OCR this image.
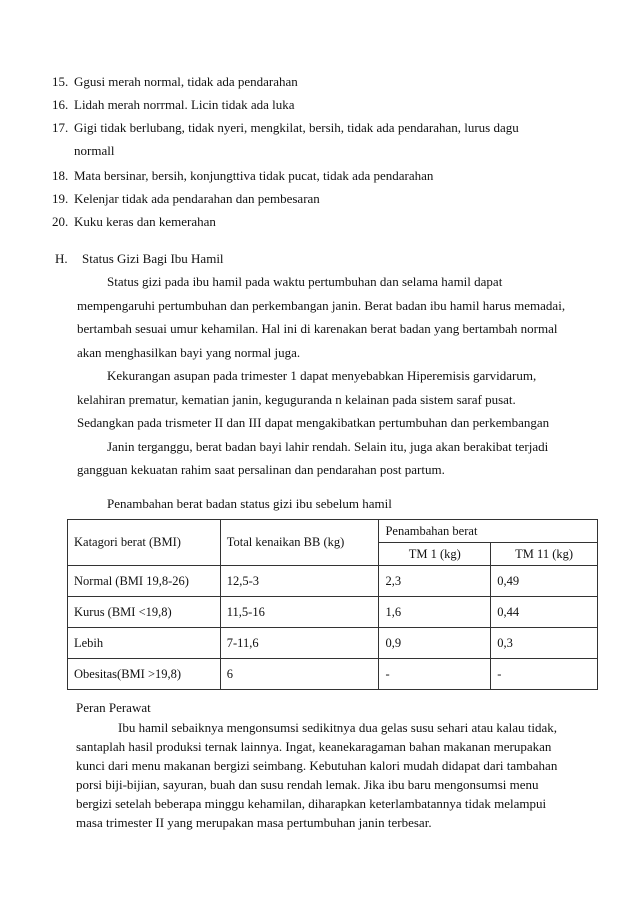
15. Ggusi merah normal, tidak ada pendarahan
16. Lidah merah norrmal. Licin tidak ada luka
17. Gigi tidak berlubang, tidak nyeri, mengkilat, bersih, tidak ada pendarahan, lurus dagu
normall
18. Mata bersinar, bersih, konjungttiva tidak pucat, tidak ada pendarahan
19. Kelenjar tidak ada pendarahan dan pembesaran
20. Kuku keras dan kemerahan
H.	Status Gizi Bagi Ibu Hamil

Status gizi pada ibu hamil pada waktu pertumbuhan dan selama hamil dapat
mempengaruhi pertumbuhan dan perkembangan janin. Berat badan ibu hamil harus memadai,
bertambah sesuai umur kehamilan. Hal ini di karenakan berat badan yang bertambah normal
akan menghasilkan bayi yang normal juga.

Kekurangan asupan pada trimester 1 dapat menyebabkan Hiperemisis garvidarum,
kelahiran prematur, kematian janin, keguguranda n kelainan pada sistem saraf pusat.
Sedangkan pada trismeter II dan III dapat mengakibatkan pertumbuhan dan perkembangan
Janin terganggu, berat badan bayi lahir rendah. Selain itu, juga akan berakibat terjadi
gangguan kekuatan rahim saat persalinan dan pendarahan post partum.

Penambahan berat badan status gizi ibu sebelum hamil
Katagori berat (BMI)	Total kenaikan BB (kg)	Penambahan berat	
		TM 1 (kg)	TM 11 (kg)
Normal (BMI 19,8-26)	12,5-3	2,3	0,49
Kurus (BMI <19,8)	11,5-16	1,6	0,44
Lebih	7-11,6	0,9	0,3
Obesitas(BMI >19,8)	6	-	-
Peran Perawat
Ibu hamil sebaiknya mengonsumsi sedikitnya dua gelas susu sehari atau kalau tidak,
santaplah hasil produksi ternak lainnya. Ingat, keanekaragaman bahan makanan merupakan
kunci dari menu makanan bergizi seimbang. Kebutuhan kalori mudah didapat dari tambahan
porsi biji-bijian, sayuran, buah dan susu rendah lemak. Jika ibu baru mengonsumsi menu
bergizi setelah beberapa minggu kehamilan, diharapkan keterlambatannya tidak melampui
masa trimester II yang merupakan masa pertumbuhan janin terbesar.
